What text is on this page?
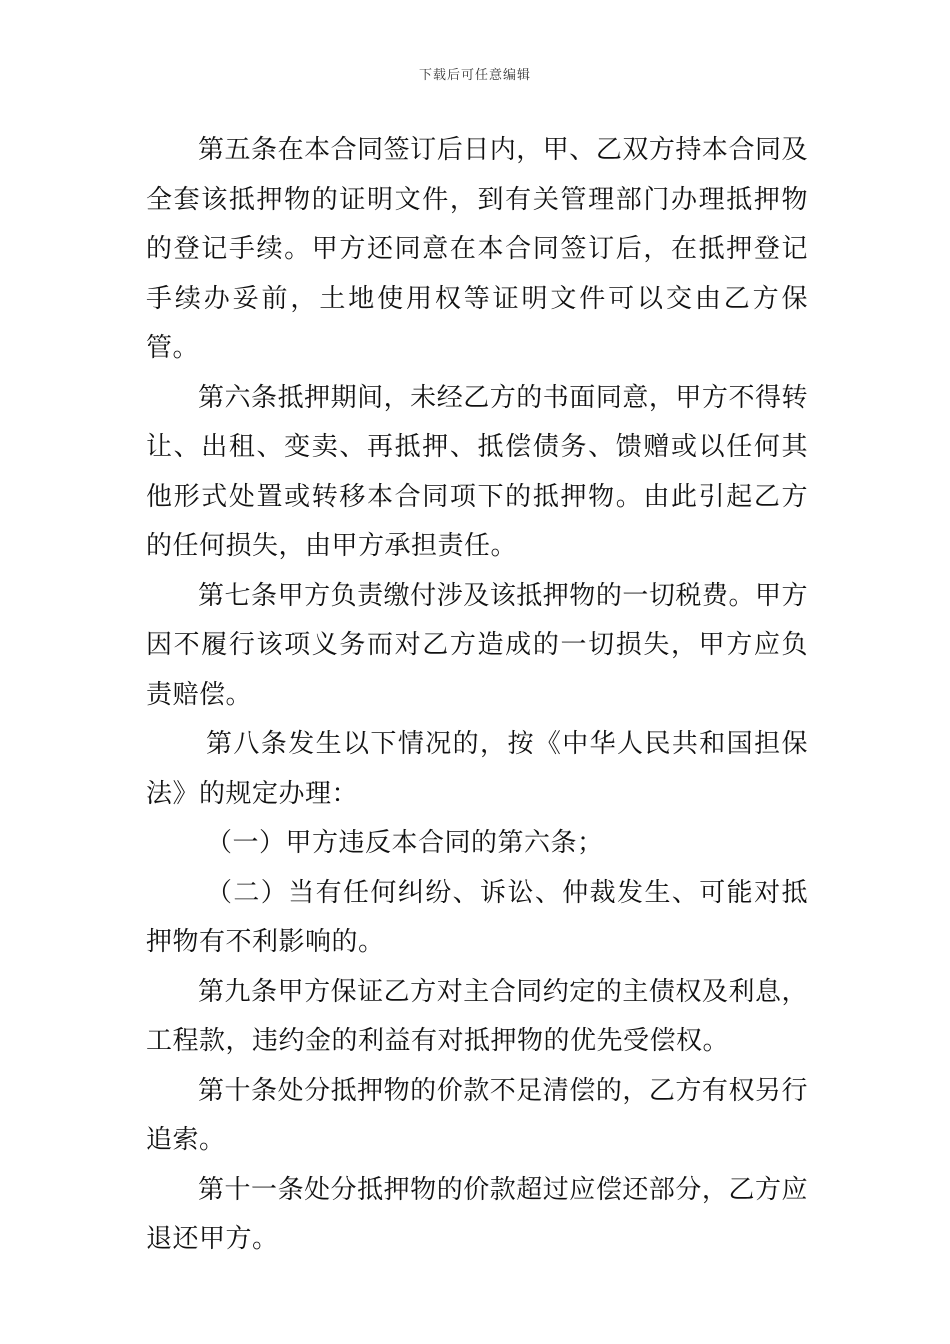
下载后可任意编辑

第五条在本合同签订后日内，甲、乙双方持本合同及全套该抵押物的证明文件，到有关管理部门办理抵押物的登记手续。甲方还同意在本合同签订后，在抵押登记手续办妥前，土地使用权等证明文件可以交由乙方保管。

第六条抵押期间，未经乙方的书面同意，甲方不得转让、出租、变卖、再抵押、抵偿债务、馈赠或以任何其他形式处置或转移本合同项下的抵押物。由此引起乙方的任何损失，由甲方承担责任。

第七条甲方负责缴付涉及该抵押物的一切税费。甲方因不履行该项义务而对乙方造成的一切损失，甲方应负责赔偿。

第八条发生以下情况的，按《中华人民共和国担保法》的规定办理：

（一）甲方违反本合同的第六条；

（二）当有任何纠纷、诉讼、仲裁发生、可能对抵押物有不利影响的。

第九条甲方保证乙方对主合同约定的主债权及利息，工程款，违约金的利益有对抵押物的优先受偿权。

第十条处分抵押物的价款不足清偿的，乙方有权另行追索。

第十一条处分抵押物的价款超过应偿还部分，乙方应退还甲方。
